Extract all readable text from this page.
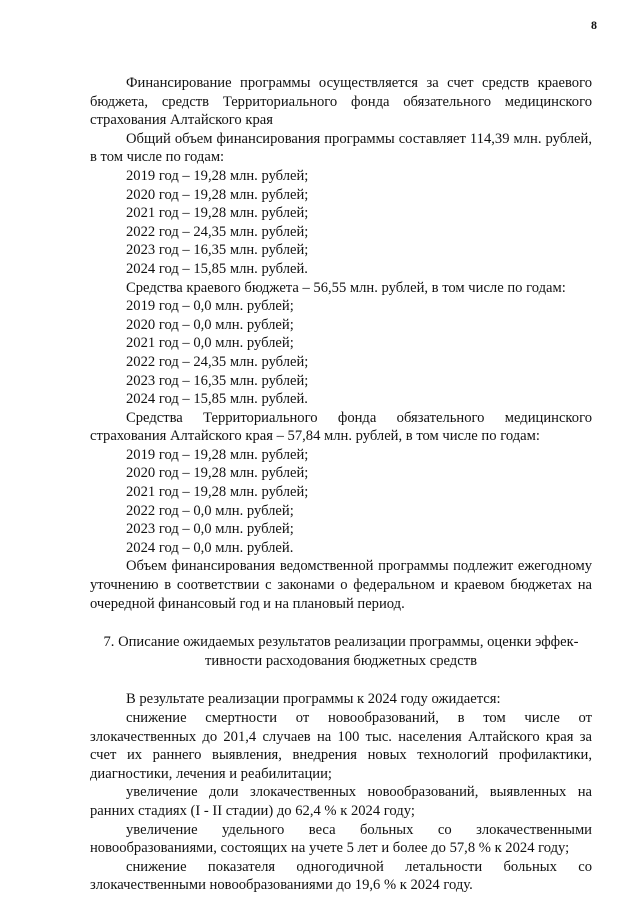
8

Финансирование программы осуществляется за счет средств краевого бюджета, средств Территориального фонда обязательного медицинского страхования Алтайского края

Общий объем финансирования программы составляет 114,39 млн. рублей, в том числе по годам:

2019 год – 19,28 млн. рублей;

2020 год – 19,28 млн. рублей;

2021 год – 19,28 млн. рублей;

2022 год – 24,35 млн. рублей;

2023 год – 16,35 млн. рублей;

2024 год – 15,85 млн. рублей.

Средства краевого бюджета – 56,55 млн. рублей, в том числе по годам:

2019 год – 0,0 млн. рублей;

2020 год – 0,0 млн. рублей;

2021 год – 0,0 млн. рублей;

2022 год – 24,35 млн. рублей;

2023 год – 16,35 млн. рублей;

2024 год – 15,85 млн. рублей.

Средства Территориального фонда обязательного медицинского страхования Алтайского края – 57,84 млн. рублей, в том числе по годам:

2019 год – 19,28 млн. рублей;

2020 год – 19,28 млн. рублей;

2021 год – 19,28 млн. рублей;

2022 год – 0,0 млн. рублей;

2023 год – 0,0 млн. рублей;

2024 год – 0,0 млн. рублей.

Объем финансирования ведомственной программы подлежит ежегодному уточнению в соответствии с законами о федеральном и краевом бюджетах на очередной финансовый год и на плановый период.

7. Описание ожидаемых результатов реализации программы, оценки эффек-
тивности расходования бюджетных средств

В результате реализации программы к 2024 году ожидается:

снижение смертности от новообразований, в том числе от злокачественных до 201,4 случаев на 100 тыс. населения Алтайского края за счет их раннего выявления, внедрения новых технологий профилактики, диагностики, лечения и реабилитации;

увеличение доли злокачественных новообразований, выявленных на ранних стадиях (I - II стадии) до 62,4 % к 2024 году;

увеличение удельного веса больных со злокачественными новообразованиями, состоящих на учете 5 лет и более до 57,8 % к 2024 году;

снижение показателя одногодичной летальности больных со злокачественными новообразованиями до 19,6 % к 2024 году.
